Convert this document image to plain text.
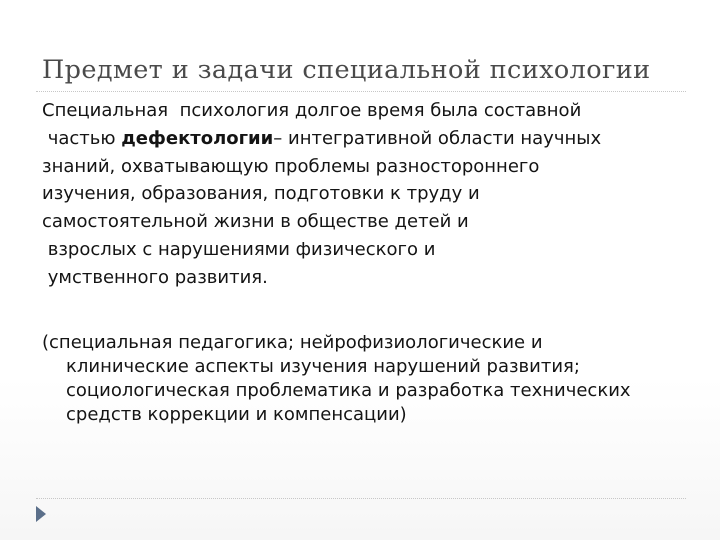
Предмет и задачи специальной психологии
Специальная  психология долгое время была составной
частью дефектологии– интегративной области научных
знаний, охватывающую проблемы разностороннего
изучения, образования, подготовки к труду и
самостоятельной жизни в обществе детей и
взрослых с нарушениями физического и
умственного развития.
(специальная педагогика; нейрофизиологические и
клинические аспекты изучения нарушений развития;
социологическая проблематика и разработка технических
средств коррекции и компенсации)
